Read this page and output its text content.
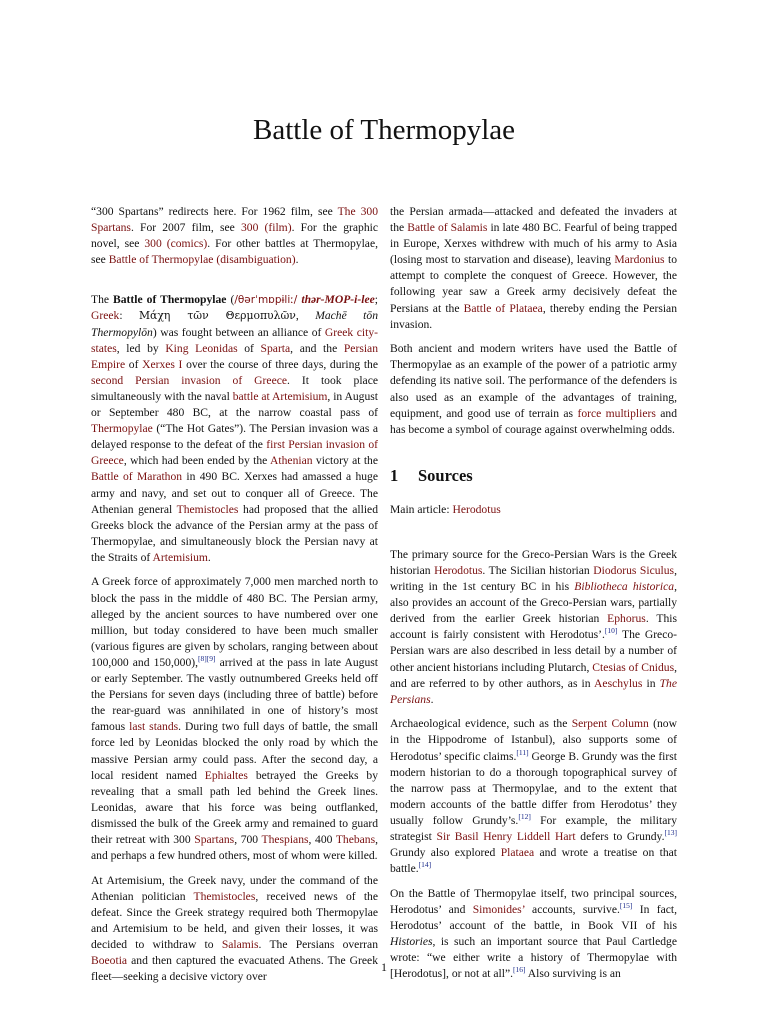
Battle of Thermopylae

“300 Spartans” redirects here. For 1962 film, see The 300 Spartans. For 2007 film, see 300 (film). For the graphic novel, see 300 (comics). For other battles at Thermopylae, see Battle of Thermopylae (disambiguation).

The Battle of Thermopylae (/θərˈmɒpɨliː/ thər-MOP-i-lee; Greek: Μάχη τῶν Θερμοπυλῶν, Machē tōn Thermopylōn) was fought between an alliance of Greek city-states, led by King Leonidas of Sparta, and the Persian Empire of Xerxes I over the course of three days, during the second Persian invasion of Greece. It took place simultaneously with the naval battle at Artemisium, in August or September 480 BC, at the narrow coastal pass of Thermopylae (“The Hot Gates”). The Persian invasion was a delayed response to the defeat of the first Persian invasion of Greece, which had been ended by the Athenian victory at the Battle of Marathon in 490 BC. Xerxes had amassed a huge army and navy, and set out to conquer all of Greece. The Athenian general Themistocles had proposed that the allied Greeks block the advance of the Persian army at the pass of Thermopylae, and simultaneously block the Persian navy at the Straits of Artemisium.

A Greek force of approximately 7,000 men marched north to block the pass in the middle of 480 BC. The Persian army, alleged by the ancient sources to have numbered over one million, but today considered to have been much smaller (various figures are given by scholars, ranging between about 100,000 and 150,000),[8][9] arrived at the pass in late August or early September. The vastly outnumbered Greeks held off the Persians for seven days (including three of battle) before the rear-guard was annihilated in one of history’s most famous last stands. During two full days of battle, the small force led by Leonidas blocked the only road by which the massive Persian army could pass. After the second day, a local resident named Ephialtes betrayed the Greeks by revealing that a small path led behind the Greek lines. Leonidas, aware that his force was being outflanked, dismissed the bulk of the Greek army and remained to guard their retreat with 300 Spartans, 700 Thespians, 400 Thebans, and perhaps a few hundred others, most of whom were killed.

At Artemisium, the Greek navy, under the command of the Athenian politician Themistocles, received news of the defeat. Since the Greek strategy required both Thermopylae and Artemisium to be held, and given their losses, it was decided to withdraw to Salamis. The Persians overran Boeotia and then captured the evacuated Athens. The Greek fleet—seeking a decisive victory over

the Persian armada—attacked and defeated the invaders at the Battle of Salamis in late 480 BC. Fearful of being trapped in Europe, Xerxes withdrew with much of his army to Asia (losing most to starvation and disease), leaving Mardonius to attempt to complete the conquest of Greece. However, the following year saw a Greek army decisively defeat the Persians at the Battle of Plataea, thereby ending the Persian invasion.

Both ancient and modern writers have used the Battle of Thermopylae as an example of the power of a patriotic army defending its native soil. The performance of the defenders is also used as an example of the advantages of training, equipment, and good use of terrain as force multipliers and has become a symbol of courage against overwhelming odds.

1 Sources

Main article: Herodotus

The primary source for the Greco-Persian Wars is the Greek historian Herodotus. The Sicilian historian Diodorus Siculus, writing in the 1st century BC in his Bibliotheca historica, also provides an account of the Greco-Persian wars, partially derived from the earlier Greek historian Ephorus. This account is fairly consistent with Herodotus’.[10] The Greco-Persian wars are also described in less detail by a number of other ancient historians including Plutarch, Ctesias of Cnidus, and are referred to by other authors, as in Aeschylus in The Persians.

Archaeological evidence, such as the Serpent Column (now in the Hippodrome of Istanbul), also supports some of Herodotus’ specific claims.[11] George B. Grundy was the first modern historian to do a thorough topographical survey of the narrow pass at Thermopylae, and to the extent that modern accounts of the battle differ from Herodotus’ they usually follow Grundy’s.[12] For example, the military strategist Sir Basil Henry Liddell Hart defers to Grundy.[13] Grundy also explored Plataea and wrote a treatise on that battle.[14]

On the Battle of Thermopylae itself, two principal sources, Herodotus’ and Simonides’ accounts, survive.[15] In fact, Herodotus’ account of the battle, in Book VII of his Histories, is such an important source that Paul Cartledge wrote: “we either write a history of Thermopylae with [Herodotus], or not at all”.[16] Also surviving is an

1
